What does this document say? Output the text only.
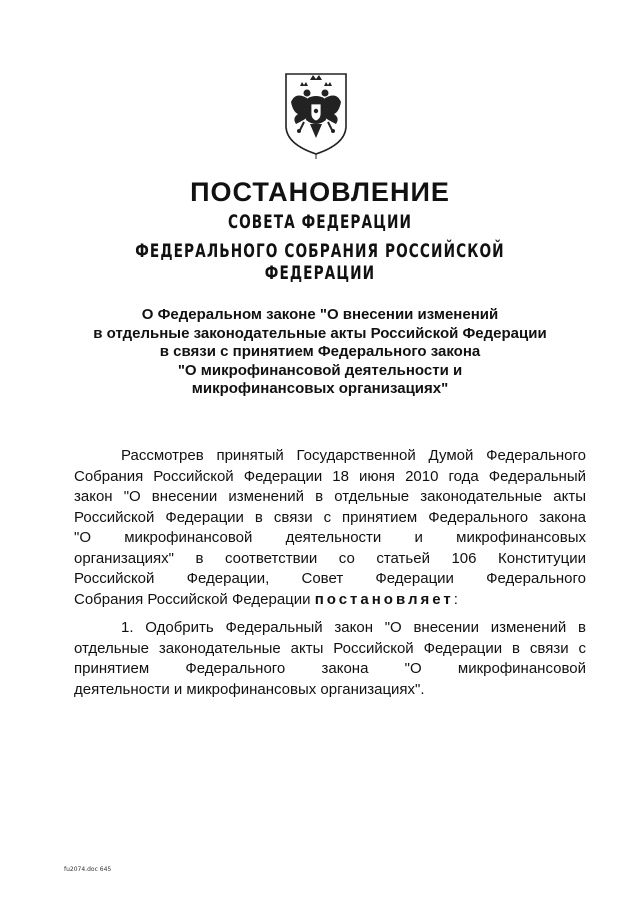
ПОСТАНОВЛЕНИЕ
СОВЕТА ФЕДЕРАЦИИ
ФЕДЕРАЛЬНОГО СОБРАНИЯ РОССИЙСКОЙ ФЕДЕРАЦИИ
О Федеральном законе "О внесении изменений
в отдельные законодательные акты Российской Федерации
в связи с принятием Федерального закона
"О микрофинансовой деятельности и
микрофинансовых организациях"
Рассмотрев принятый Государственной Думой Федерального
Собрания Российской Федерации 18 июня 2010 года Федеральный
закон "О внесении изменений в отдельные законодательные акты
Российской Федерации в связи с принятием Федерального закона
"О микрофинансовой деятельности и микрофинансовых
организациях" в соответствии со статьей 106 Конституции
Российской Федерации, Совет Федерации Федерального
Собрания Российской Федерации постановляет:
1. Одобрить Федеральный закон "О внесении изменений в
отдельные законодательные акты Российской Федерации в связи с
принятием Федерального закона "О микрофинансовой
деятельности и микрофинансовых организациях".
fu2074.doc 645
